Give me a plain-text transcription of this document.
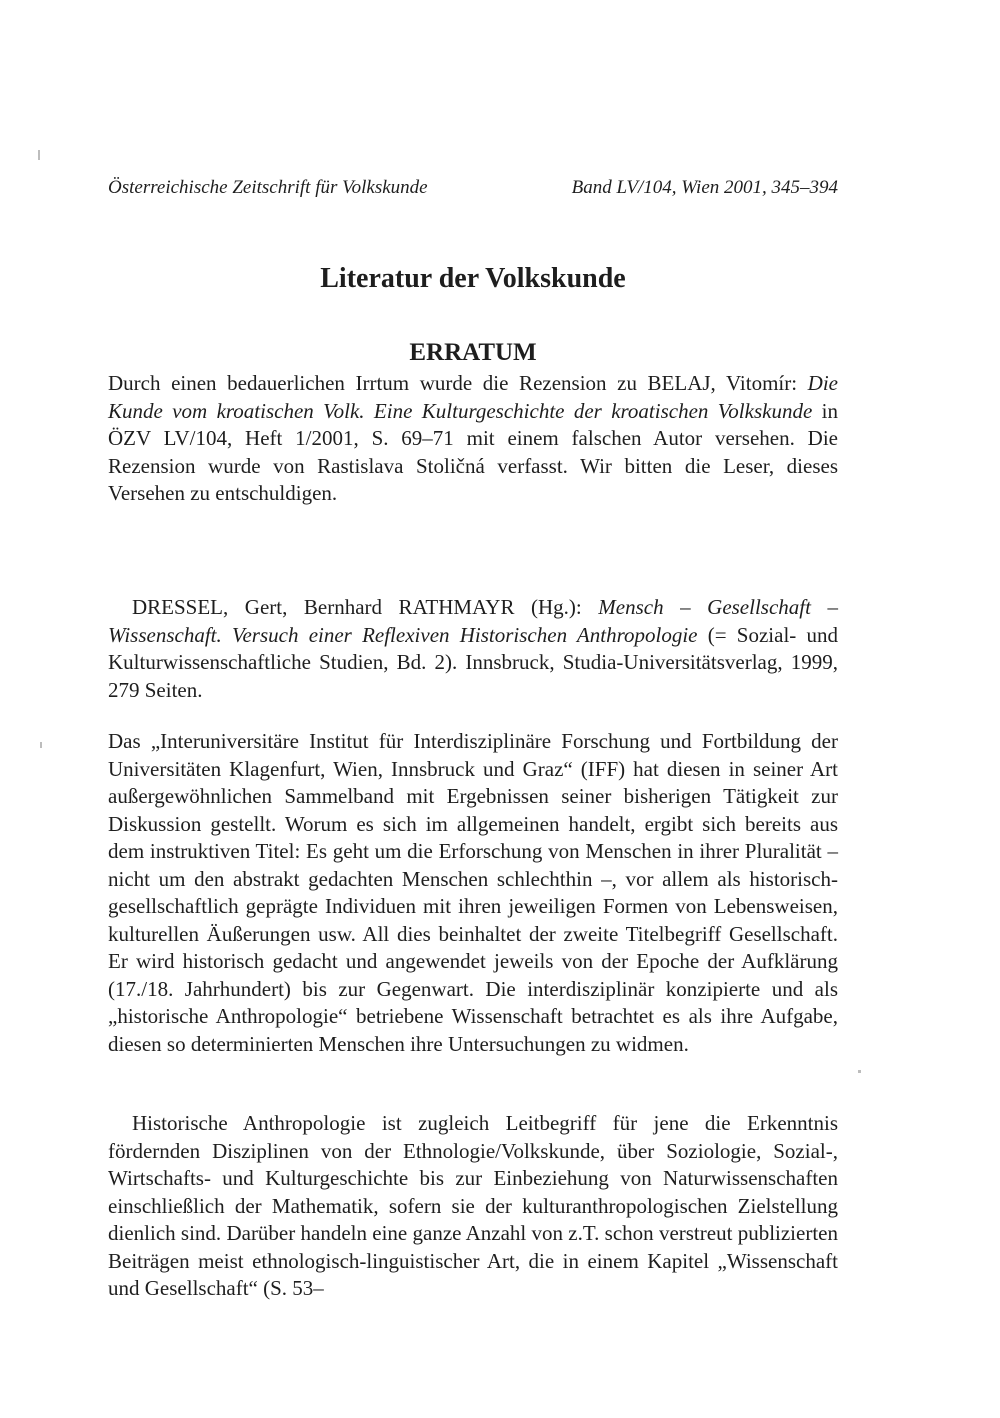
Österreichische Zeitschrift für Volkskunde	Band LV/104, Wien 2001, 345–394
Literatur der Volkskunde
ERRATUM
Durch einen bedauerlichen Irrtum wurde die Rezension zu BELAJ, Vitomír: Die Kunde vom kroatischen Volk. Eine Kulturgeschichte der kroatischen Volkskunde in ÖZV LV/104, Heft 1/2001, S. 69–71 mit einem falschen Autor versehen. Die Rezension wurde von Rastislava Stoličná verfasst. Wir bitten die Leser, dieses Versehen zu entschuldigen.
DRESSEL, Gert, Bernhard RATHMAYR (Hg.): Mensch – Gesellschaft – Wissenschaft. Versuch einer Reflexiven Historischen Anthropologie (= Sozial- und Kulturwissenschaftliche Studien, Bd. 2). Innsbruck, Studia-Universitätsverlag, 1999, 279 Seiten.
Das „Interuniversitäre Institut für Interdisziplinäre Forschung und Fortbildung der Universitäten Klagenfurt, Wien, Innsbruck und Graz“ (IFF) hat diesen in seiner Art außergewöhnlichen Sammelband mit Ergebnissen seiner bisherigen Tätigkeit zur Diskussion gestellt. Worum es sich im allgemeinen handelt, ergibt sich bereits aus dem instruktiven Titel: Es geht um die Erforschung von Menschen in ihrer Pluralität – nicht um den abstrakt gedachten Menschen schlechthin –, vor allem als historisch-gesellschaftlich geprägte Individuen mit ihren jeweiligen Formen von Lebensweisen, kulturellen Äußerungen usw. All dies beinhaltet der zweite Titelbegriff Gesellschaft. Er wird historisch gedacht und angewendet jeweils von der Epoche der Aufklärung (17./18. Jahrhundert) bis zur Gegenwart. Die interdisziplinär konzipierte und als „historische Anthropologie“ betriebene Wissenschaft betrachtet es als ihre Aufgabe, diesen so determinierten Menschen ihre Untersuchungen zu widmen.
Historische Anthropologie ist zugleich Leitbegriff für jene die Erkenntnis fördernden Disziplinen von der Ethnologie/Volkskunde, über Soziologie, Sozial-, Wirtschafts- und Kulturgeschichte bis zur Einbeziehung von Naturwissenschaften einschließlich der Mathematik, sofern sie der kulturanthropologischen Zielstellung dienlich sind. Darüber handeln eine ganze Anzahl von z.T. schon verstreut publizierten Beiträgen meist ethnologisch-linguistischer Art, die in einem Kapitel „Wissenschaft und Gesellschaft“ (S. 53–
